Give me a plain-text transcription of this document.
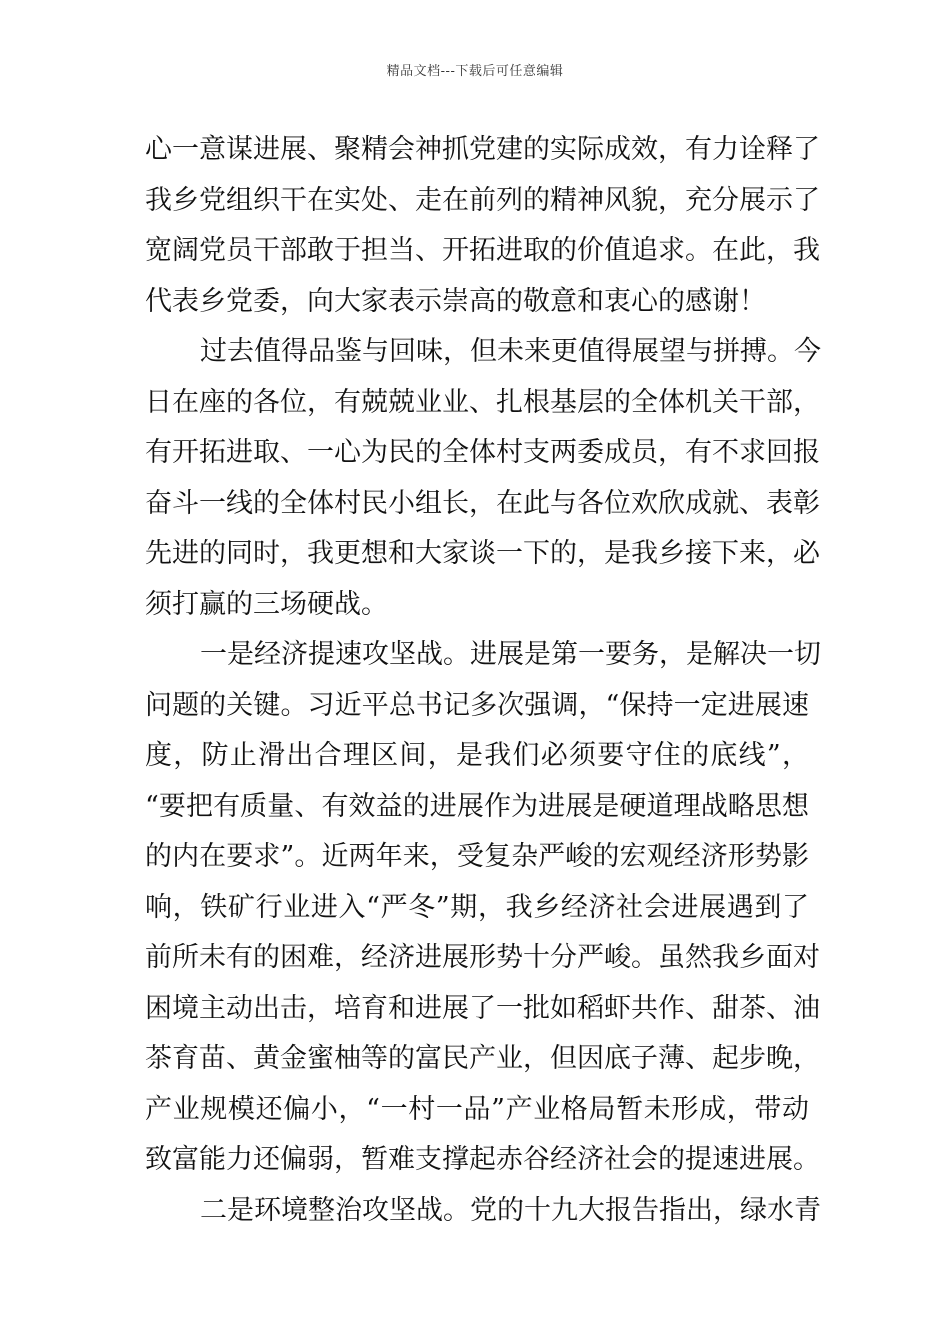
精品文档---下载后可任意编辑
心一意谋进展、聚精会神抓党建的实际成效，有力诠释了
我乡党组织干在实处、走在前列的精神风貌，充分展示了
宽阔党员干部敢于担当、开拓进取的价值追求。在此，我
代表乡党委，向大家表示崇高的敬意和衷心的感谢！
过去值得品鉴与回味，但未来更值得展望与拼搏。今
日在座的各位，有兢兢业业、扎根基层的全体机关干部，
有开拓进取、一心为民的全体村支两委成员，有不求回报
奋斗一线的全体村民小组长，在此与各位欢欣成就、表彰
先进的同时，我更想和大家谈一下的，是我乡接下来，必
须打赢的三场硬战。
一是经济提速攻坚战。进展是第一要务，是解决一切
问题的关键。习近平总书记多次强调，“保持一定进展速
度，防止滑出合理区间，是我们必须要守住的底线”，
“要把有质量、有效益的进展作为进展是硬道理战略思想
的内在要求”。近两年来，受复杂严峻的宏观经济形势影
响，铁矿行业进入“严冬”期，我乡经济社会进展遇到了
前所未有的困难，经济进展形势十分严峻。虽然我乡面对
困境主动出击，培育和进展了一批如稻虾共作、甜茶、油
茶育苗、黄金蜜柚等的富民产业，但因底子薄、起步晚，
产业规模还偏小，“一村一品”产业格局暂未形成，带动
致富能力还偏弱，暂难支撑起赤谷经济社会的提速进展。
二是环境整治攻坚战。党的十九大报告指出，绿水青
